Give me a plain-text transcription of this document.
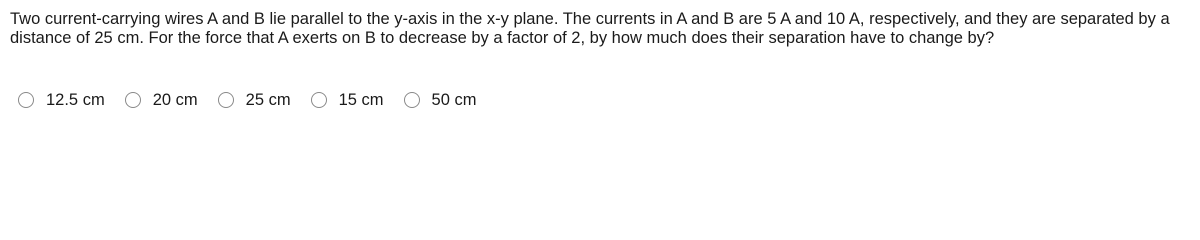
Two current-carrying wires A and B lie parallel to the y-axis in the x-y plane. The currents in A and B are 5 A and 10 A, respectively, and they are separated by a distance of 25 cm. For the force that A exerts on B to decrease by a factor of 2, by how much does their separation have to change by?
12.5 cm	20 cm	25 cm	15 cm	50 cm
